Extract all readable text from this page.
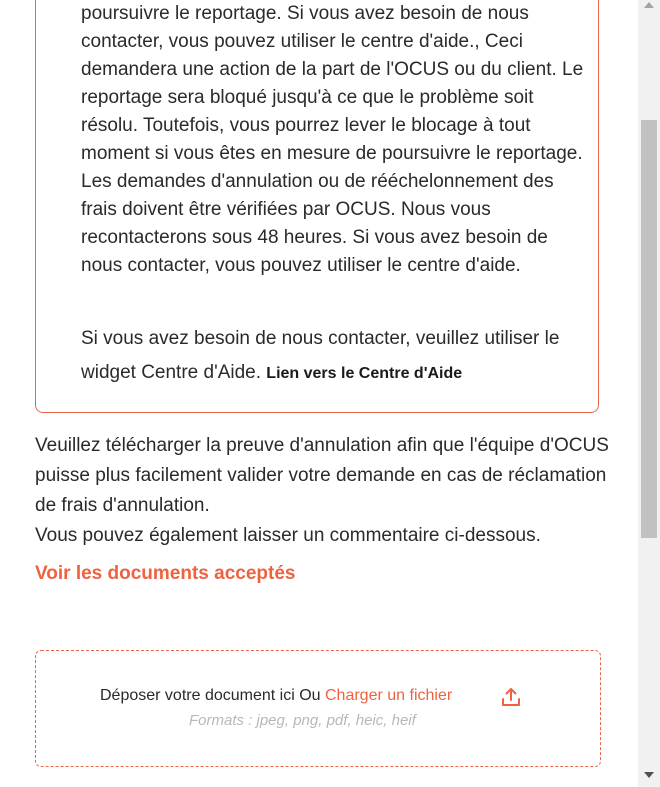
poursuivre le reportage. Si vous avez besoin de nous contacter, vous pouvez utiliser le centre d'aide., Ceci demandera une action de la part de l'OCUS ou du client. Le reportage sera bloqué jusqu'à ce que le problème soit résolu. Toutefois, vous pourrez lever le blocage à tout moment si vous êtes en mesure de poursuivre le reportage. Les demandes d'annulation ou de rééchelonnement des frais doivent être vérifiées par OCUS. Nous vous recontacterons sous 48 heures. Si vous avez besoin de nous contacter, vous pouvez utiliser le centre d'aide.

Si vous avez besoin de nous contacter, veuillez utiliser le widget Centre d'Aide. Lien vers le Centre d'Aide
Veuillez télécharger la preuve d'annulation afin que l'équipe d'OCUS puisse plus facilement valider votre demande en cas de réclamation de frais d'annulation.
Vous pouvez également laisser un commentaire ci-dessous.
Voir les documents acceptés
Déposer votre document ici Ou Charger un fichier
Formats : jpeg, png, pdf, heic, heif
